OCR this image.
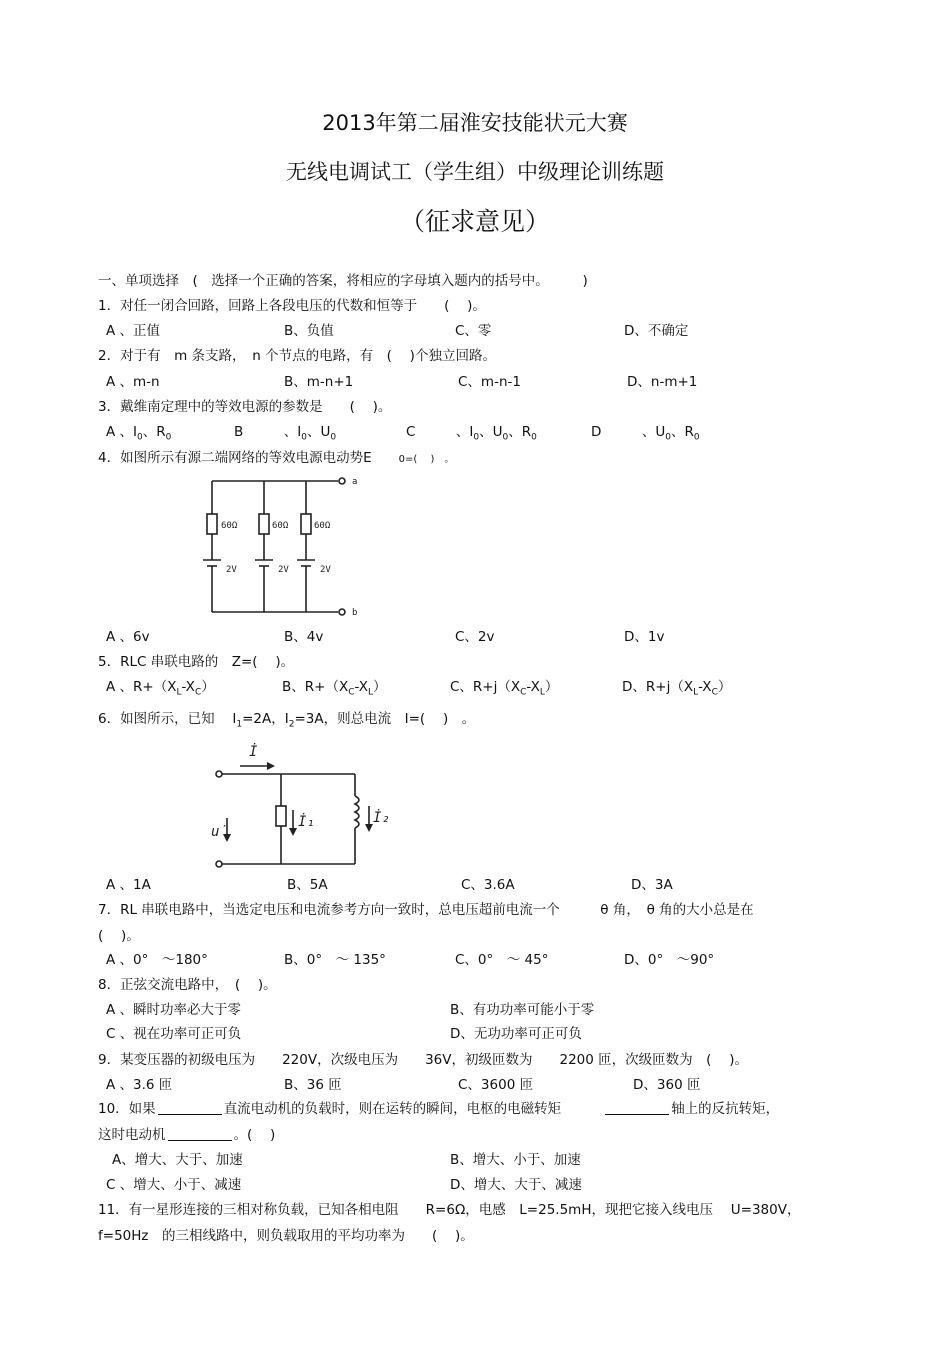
2013年第二届淮安技能状元大赛
无线电调试工（学生组）中级理论训练题
（征求意见）
一、单项选择　(　选择一个正确的答案，将相应的字母填入题内的括号中。　　　)
1．对任一闭合回路，回路上各段电压的代数和恒等于　　(　 )。
A 、正值	B、负值	C、零	D、不确定
2．对于有　m 条支路，　n 个节点的电路，有　(　 )个独立回路。
A 、m-n	B、m-n+1	C、m-n-1	D、n-m+1
3．戴维南定理中的等效电源的参数是　　(　 )。
A 、$I_0$、$R_0$	B　　　、$I_0$、$U_0$	C　　　、$I_0$、$U_0$、$R_0$	D　　　、$U_0$、$R_0$
4．如图所示有源二端网络的等效电源电动势E　　0=(　 )　。
60Ω	60Ω	60Ω
2V	2V	2V
a
b
A 、6v	B、4v	C、2v	D、1v
5．RLC 串联电路的　Z=(　 )。
A 、$R+(X_L-X_C)$	B、$R+(X_C-X_L)$	C、$R+j(X_C-X_L)$	D、$R+j(X_L-X_C)$
6．如图所示，已知　 $I_1=2A$，$I_2=3A$，则总电流　I=(　 )　。
İ
u̇
İ₁	İ₂
A 、1A	B、5A	C、3.6A	D、3A
7．RL 串联电路中，当选定电压和电流参考方向一致时，总电压超前电流一个　　　θ 角，　θ 角的大小总是在
(　 )。
A 、0°　～180°	B、0°　～ 135°	C、0°　～ 45°	D、0°　～90°
8．正弦交流电路中，　(　 )。
A 、瞬时功率必大于零	B、有功功率可能小于零
C 、视在功率可正可负	D、无功功率可正可负
9．某变压器的初级电压为　　220V，次级电压为　　36V，初级匝数为　　2200 匝，次级匝数为　(　 )。
A 、3.6 匝	B、36 匝	C、3600 匝	D、360 匝
10．如果	直流电动机的负载时，则在运转的瞬间，电枢的电磁转矩	轴上的反抗转矩，
这时电动机	。(　 )
A、增大、大于、加速	B、增大、小于、加速
C 、增大、小于、减速	D、增大、大于、减速
11．有一星形连接的三相对称负载，已知各相电阻　　R=6Ω，电感　L=25.5mH，现把它接入线电压　 U=380V，
f=50Hz　的三相线路中，则负载取用的平均功率为　　(　 )。
